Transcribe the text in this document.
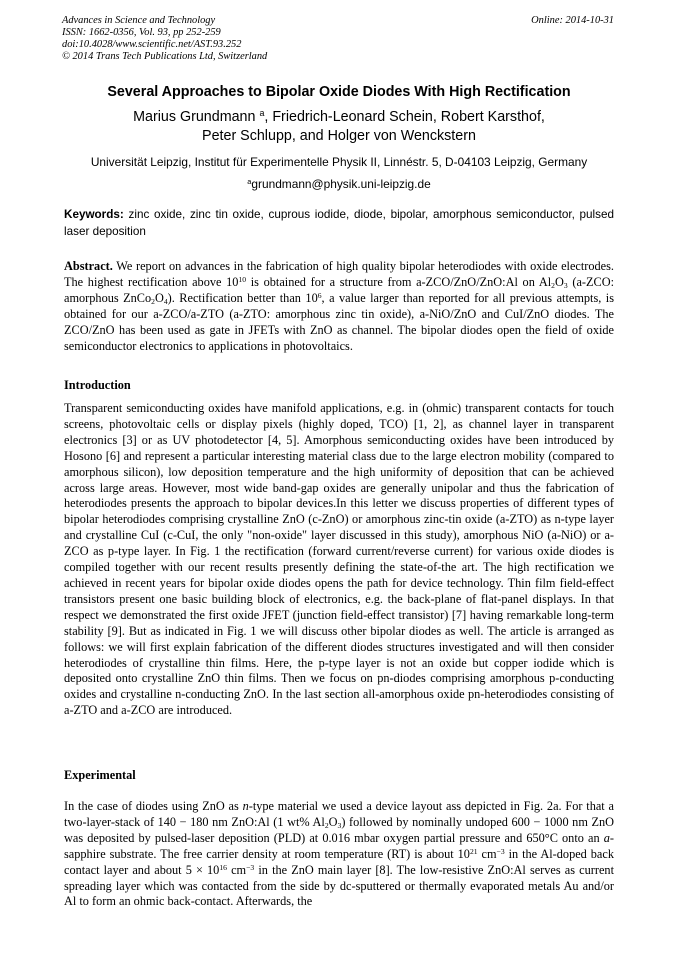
Advances in Science and Technology
ISSN: 1662-0356, Vol. 93, pp 252-259
doi:10.4028/www.scientific.net/AST.93.252
© 2014 Trans Tech Publications Ltd, Switzerland
Online: 2014-10-31
Several Approaches to Bipolar Oxide Diodes With High Rectification
Marius Grundmann $^a$, Friedrich-Leonard Schein, Robert Karsthof,
Peter Schlupp, and Holger von Wenckstern
Universität Leipzig, Institut für Experimentelle Physik II, Linnéstr. 5, D-04103 Leipzig, Germany
$^a$grundmann@physik.uni-leipzig.de
Keywords: zinc oxide, zinc tin oxide, cuprous iodide, diode, bipolar, amorphous semiconductor, pulsed laser deposition
Abstract. We report on advances in the fabrication of high quality bipolar heterodiodes with oxide electrodes. The highest rectification above $10^{10}$ is obtained for a structure from a-ZCO/ZnO/ZnO:Al on $Al_2O_3$ (a-ZCO: amorphous $ZnCo_2O_4$). Rectification better than $10^6$, a value larger than reported for all previous attempts, is obtained for our a-ZCO/a-ZTO (a-ZTO: amorphous zinc tin oxide), a-NiO/ZnO and CuI/ZnO diodes. The ZCO/ZnO has been used as gate in JFETs with ZnO as channel. The bipolar diodes open the field of oxide semiconductor electronics to applications in photovoltaics.
Introduction
Transparent semiconducting oxides have manifold applications, e.g. in (ohmic) transparent contacts for touch screens, photovoltaic cells or display pixels (highly doped, TCO) [1, 2], as channel layer in transparent electronics [3] or as UV photodetector [4, 5]. Amorphous semiconducting oxides have been introduced by Hosono [6] and represent a particular interesting material class due to the large electron mobility (compared to amorphous silicon), low deposition temperature and the high uniformity of deposition that can be achieved across large areas. However, most wide band-gap oxides are generally unipolar and thus the fabrication of heterodiodes presents the approach to bipolar devices.In this letter we discuss properties of different types of bipolar heterodiodes comprising crystalline ZnO (c-ZnO) or amorphous zinc-tin oxide (a-ZTO) as n-type layer and crystalline CuI (c-CuI, the only "non-oxide" layer discussed in this study), amorphous NiO (a-NiO) or a-ZCO as p-type layer. In Fig. 1 the rectification (forward current/reverse current) for various oxide diodes is compiled together with our recent results presently defining the state-of-the art. The high rectification we achieved in recent years for bipolar oxide diodes opens the path for device technology. Thin film field-effect transistors present one basic building block of electronics, e.g. the back-plane of flat-panel displays. In that respect we demonstrated the first oxide JFET (junction field-effect transistor) [7] having remarkable long-term stability [9]. But as indicated in Fig. 1 we will discuss other bipolar diodes as well. The article is arranged as follows: we will first explain fabrication of the different diodes structures investigated and will then consider heterodiodes of crystalline thin films. Here, the p-type layer is not an oxide but copper iodide which is deposited onto crystalline ZnO thin films. Then we focus on pn-diodes comprising amorphous p-conducting oxides and crystalline n-conducting ZnO. In the last section all-amorphous oxide pn-heterodiodes consisting of a-ZTO and a-ZCO are introduced.
Experimental
In the case of diodes using ZnO as n-type material we used a device layout ass depicted in Fig. 2a. For that a two-layer-stack of 140 − 180 nm ZnO:Al (1 wt% $Al_2O_3$) followed by nominally undoped 600 − 1000 nm ZnO was deposited by pulsed-laser deposition (PLD) at 0.016 mbar oxygen partial pressure and 650°C onto an a-sapphire substrate. The free carrier density at room temperature (RT) is about $10^{21}$ $cm^{-3}$ in the Al-doped back contact layer and about $5 \times 10^{16}$ $cm^{-3}$ in the ZnO main layer [8]. The low-resistive ZnO:Al serves as current spreading layer which was contacted from the side by dc-sputtered or thermally evaporated metals Au and/or Al to form an ohmic back-contact. Afterwards, the
